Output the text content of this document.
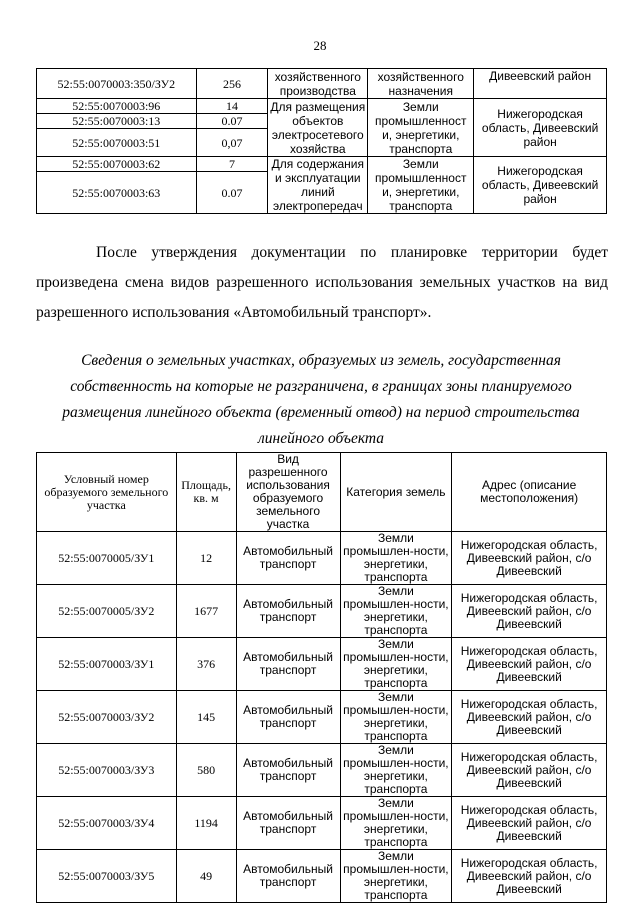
28
52:55:0070003:350/ЗУ2	256	хозяйственного производства	хозяйственного назначения	Дивеевский район
52:55:0070003:96	14	Для размещения объектов электросетевого хозяйства	Земли промышленност и, энергетики, транспорта	Нижегородская область, Дивеевский район
52:55:0070003:13	0.07			
52:55:0070003:51	0,07			
52:55:0070003:62	7	Для содержания и эксплуатации линий электропередач	Земли промышленност и, энергетики, транспорта	Нижегородская область, Дивеевский район
52:55:0070003:63	0.07			
После утверждения документации по планировке территории будет произведена смена видов разрешенного использования земельных участков на вид разрешенного использования «Автомобильный транспорт».
Сведения о земельных участках, образуемых из земель, государственная собственность на которые не разграничена, в границах зоны планируемого размещения линейного объекта (временный отвод) на период строительства линейного объекта
Условный номер образуемого земельного участка	Площадь, кв. м	Вид разрешенного использования образуемого земельного участка	Категория земель	Адрес (описание местоположения)
52:55:0070005/ЗУ1	12	Автомобильный транспорт	Земли промышлен-ности, энергетики, транспорта	Нижегородская область, Дивеевский район, с/о Дивеевский
52:55:0070005/ЗУ2	1677	Автомобильный транспорт	Земли промышлен-ности, энергетики, транспорта	Нижегородская область, Дивеевский район, с/о Дивеевский
52:55:0070003/ЗУ1	376	Автомобильный транспорт	Земли промышлен-ности, энергетики, транспорта	Нижегородская область, Дивеевский район, с/о Дивеевский
52:55:0070003/ЗУ2	145	Автомобильный транспорт	Земли промышлен-ности, энергетики, транспорта	Нижегородская область, Дивеевский район, с/о Дивеевский
52:55:0070003/ЗУ3	580	Автомобильный транспорт	Земли промышлен-ности, энергетики, транспорта	Нижегородская область, Дивеевский район, с/о Дивеевский
52:55:0070003/ЗУ4	1194	Автомобильный транспорт	Земли промышлен-ности, энергетики, транспорта	Нижегородская область, Дивеевский район, с/о Дивеевский
52:55:0070003/ЗУ5	49	Автомобильный транспорт	Земли промышлен-ности, энергетики, транспорта	Нижегородская область, Дивеевский район, с/о Дивеевский
